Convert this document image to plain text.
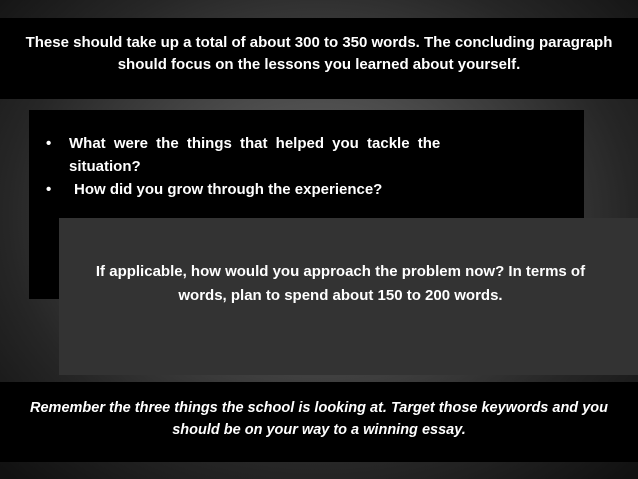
These should take up a total of about 300 to 350 words. The concluding paragraph should focus on the lessons you learned about yourself.
• What were the things that helped you tackle the situation?
• How did you grow through the experience?
If applicable, how would you approach the problem now? In terms of words, plan to spend about 150 to 200 words.
Remember the three things the school is looking at. Target those keywords and you should be on your way to a winning essay.
